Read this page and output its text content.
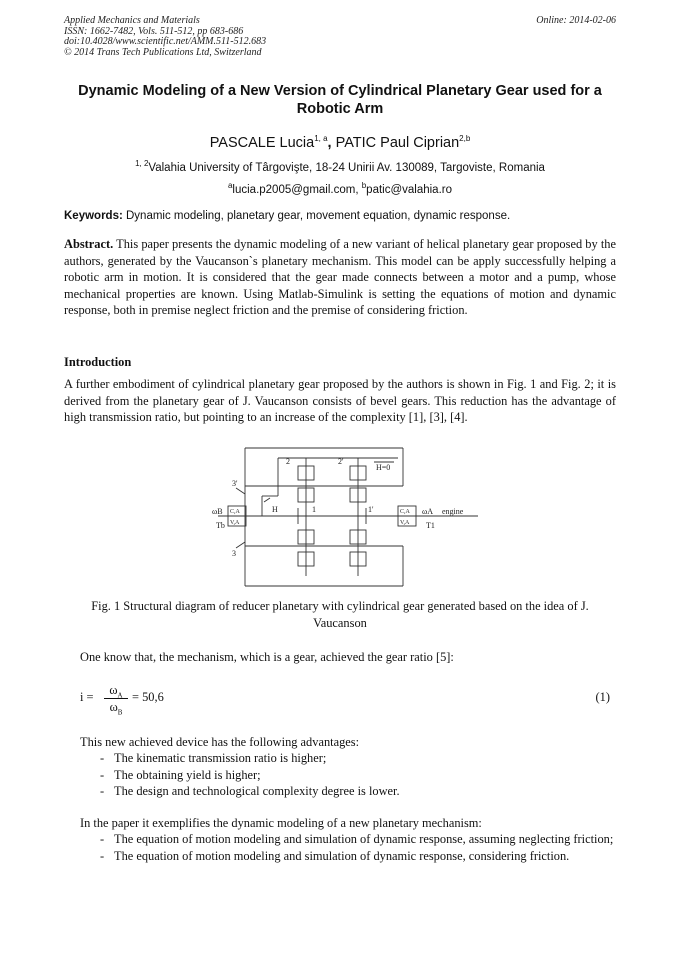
Applied Mechanics and Materials
ISSN: 1662-7482, Vols. 511-512, pp 683-686
doi:10.4028/www.scientific.net/AMM.511-512.683
© 2014 Trans Tech Publications Ltd, Switzerland
Online: 2014-02-06
Dynamic Modeling of a New Version of Cylindrical Planetary Gear used for a Robotic Arm
PASCALE Lucia$^{1, a}$, PATIC Paul Ciprian$^{2,b}$
$^{1, 2}$Valahia University of Târgovişte, 18-24 Unirii Av. 130089, Targoviste, Romania
$^a$lucia.p2005@gmail.com, $^b$patic@valahia.ro
Keywords: Dynamic modeling, planetary gear, movement equation, dynamic response.

Abstract. This paper presents the dynamic modeling of a new variant of helical planetary gear proposed by the authors, generated by the Vaucanson`s planetary mechanism. This model can be apply successfully helping a robotic arm in motion. It is considered that the gear made connects between a motor and a pump, whose mechanical properties are known. Using Matlab-Simulink is setting the equations of motion and dynamic response, both in premise neglect friction and the premise of considering friction.

Introduction

A further embodiment of cylindrical planetary gear proposed by the authors is shown in Fig. 1 and Fig. 2; it is derived from the planetary gear of J. Vaucanson consists of bevel gears. This reduction has the advantage of high transmission ratio, but pointing to an increase of the complexity [1], [3], [4].

2	2'
H=0
3'
3
H	1	1'
ωB
Tb
ωA engine
T1
C,A
V,A
C,A
V,A
Fig. 1 Structural diagram of reducer planetary with cylindrical gear generated based on the idea of J. Vaucanson

One know that, the mechanism, which is a gear, achieved the gear ratio [5]:

$i = \frac{\omega_A}{\omega_B} = 50,6$	(1)

This new achieved device has the following advantages:

- The kinematic transmission ratio is higher;
- The obtaining yield is higher;
- The design and technological complexity degree is lower.

In the paper it exemplifies the dynamic modeling of a new planetary mechanism:

- The equation of motion modeling and simulation of dynamic response, assuming neglecting friction;
- The equation of motion modeling and simulation of dynamic response, considering friction.
